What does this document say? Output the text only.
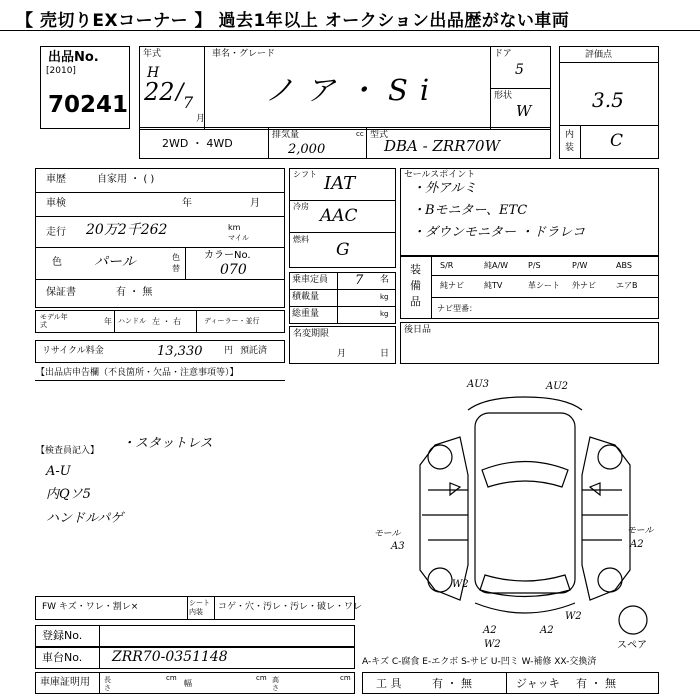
【 売切りEXコーナー 】 過去1年以上 オークション出品歴がない車両
出品No.
[2010]
70241
年式
H
22 / 7
月
車名・グレード
ノア・Si
ドア
5
形状
W
2WD ・ 4WD
排気量	cc
2,000
型式
DBA - ZRR70W
評価点
3.5
内装 C
車歴	自家用 ・ ( )
車検	年	月
走行 20万2千262	km
マイル
色 パール	色替
カラーNo.
070
保証書	有 ・ 無
モデル年式	年 ハンドル 左 ・ 右	ディーラー・並行
リサイクル料金	13,330 円 預託済
シフト IAT
冷房 AAC
燃料
G
乗車定員 7 名
積載量	kg
総重量	kg
名変期限
月	日
セールスポイント
・外アルミ
・Bモニター、ETC
・ダウンモニター ・ドラレコ
装備品
S/R	純A/W P/S	P/W	ABS
純ナビ	純TV	革シート 外ナビ	エアB
ナビ型番：
後日品
【出品店申告欄（不良箇所・欠品・注意事項等）】
【検査員記入】 ・スタットレス
A-U
内Qソ5
ハンドルパゲ
AU3	AU2
モール
A3	A2
モール
A2
W2
W2
A2
W2
スペア
FW キズ・ワレ・割レ×	シート内装	コゲ・穴・汚レ・汚レ・破レ・ワレ
登録No.
車台No. ZRR70-0351148	A-キズ C-腐食 E-エクボ S-サビ U-凹ミ W-補修 XX-交換済
車庫証明用 長さ
cm
幅
cm 高さ
cm 工 具	有 ・ 無	ジャッキ 有 ・ 無
